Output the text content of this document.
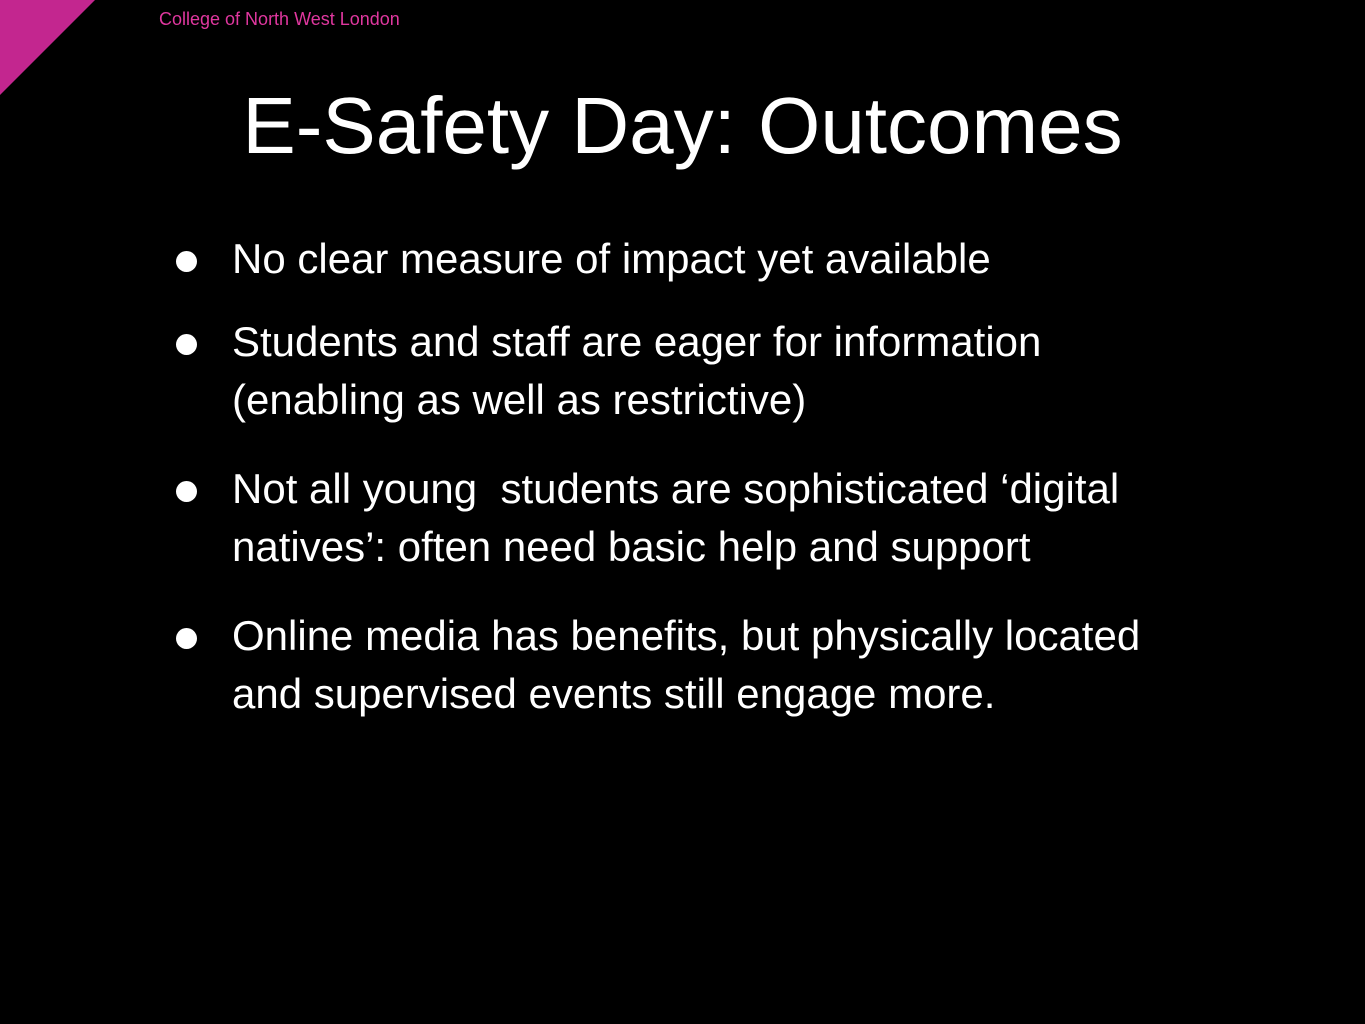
College of North West London
E-Safety Day: Outcomes
No clear measure of impact yet available
Students and staff are eager for information (enabling as well as restrictive)
Not all young  students are sophisticated ‘digital natives’: often need basic help and support
Online media has benefits, but physically located and supervised events still engage more.
